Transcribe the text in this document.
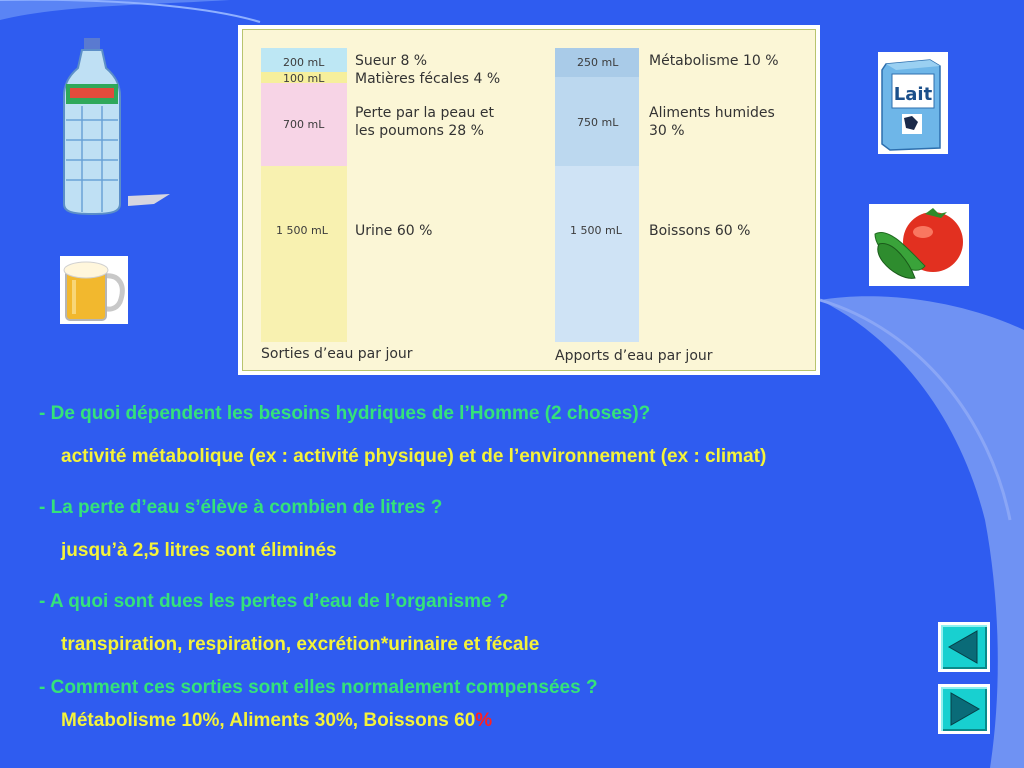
Lait
200 mL
100 mL
700 mL
1 500 mL
Sueur 8 %
Matières fécales 4 %
Perte par la peau et
les poumons 28 %
Urine 60 %
Sorties d’eau par jour
250 mL
750 mL
1 500 mL
Métabolisme 10 %
Aliments humides
30 %
Boissons 60 %
Apports d’eau par jour
- De quoi dépendent les besoins hydriques de l’Homme (2 choses)?
activité métabolique (ex : activité physique) et de l’environnement (ex : climat)
- La perte d’eau s’élève à combien de litres ?
jusqu’à 2,5 litres sont éliminés
- A quoi sont dues les pertes d’eau de l’organisme ?
transpiration, respiration, excrétion*urinaire et fécale
- Comment ces sorties sont elles normalement compensées ?
Métabolisme 10%, Aliments 30%, Boissons 60%
